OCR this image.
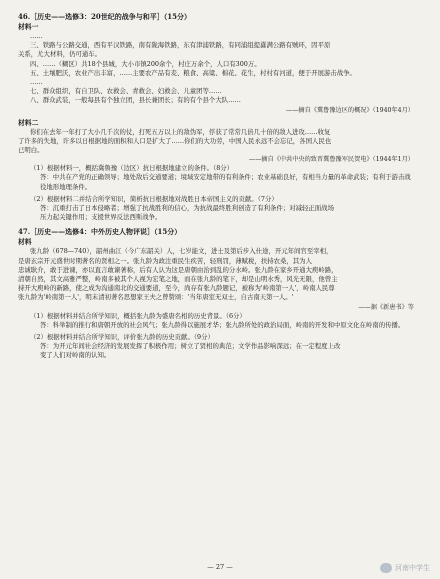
46.［历史——选修3：20世纪的战争与和平］（15分）
材料一
……
三、铁路与公路交通，西有平汉铁路，南有陇海铁路，东有津浦铁路，有同浦组提纛满公路有贼环，因平原
关系，尤大材料，仍可通车。
四、……（糊区）共18个县城，大小市镇200余个，村庄万余个，人口有300万。
五、土壤肥沃，农业产出丰富，……主要农产品有麦、粮食、高粱、棉花、花生，村村有河道，便于开展游击战争。
……
七、群众组织，有自卫队、农救会、青救会、妇救会、儿童团等……
八、群众武装，一般每县有个独立团，县长兼团长；有的有个县个大队……
——摘自《冀鲁豫边区的概况》（1940年4月）
材料二
你们在去年一年打了大小几千次的仗，打死五万以上的敌伪军，俘获了常常几倍几十倍的敌人进攻……收复
了许多的失地，许多以日根据地的面积和人口是扩大了……你们的大功劳，中国人民永远不会忘记，各国人民也
已明白。
——摘自《中共中央的致晋冀鲁豫军民贺电》（1944年1月）
（1）根据材料一，概括冀鲁豫（边区）抗日根据地建立的条件。（8分）
答：中共在产党的正确领导；地处敌后交通要道；境域安定地带的有利条件；农业基础良好，有相当力量的革命武装；有利于游击战
役地形地理条件。
（2）根据材料二并结合所学知识，简析抗日根据地对战胜日本帝国主义的贡献。（7分）
答：沉重打击了日本侵略者；增强了抗战胜利的信心，为抗战最终胜利创造了有利条件；对减轻正面战场
压力起关键作用；支援世界反法西斯战争。
47.［历史——选修4：中外历史人物评说］（15分）
材料
张九龄（678—740），韶州曲江（今广东韶关）人，七岁能文，进士及第后步入仕途，开元年间官至宰相，
是唐玄宗开元盛世时期著名的贤相之一。张九龄为政注重民生疾苦，轻刑罚，薄赋税，扶持农桑，其为人
忠诚耿介，敢于进谏，亦以直言敢谏著称，后有人认为这是唐朝由治到乱的分水岭。张九龄在家乡开通大庾岭路，
清朝自然，其文高雅严整，岭南多被其个人视为宏笔之地，而在张九龄的笔下，却是山明水秀，风光无限，他曾主
持开大庾岭的新路，使之成为沟通南北的交通要道，至今，尚存有张九龄题记，被称为'岭南第一人'，岭南人民尊
张九龄为'岭南第一人'，明末清初著名思想家王夫之曾赞颂：'当年唐室无双士，自古南天第一人。'
——据《新唐书》等
（1）根据材料并结合所学知识，概括张九龄为盛唐名相的历史背景。（6分）
答：科举制的推行和唐朝开放的社会风气；张九龄得以施展才华；张九龄所处的政治局面，岭南的开发和中原文化在岭南的传播。
（2）根据材料并结合所学知识，评价张九龄的历史贡献。（9分）
答：为开元年间社会经济的发展发挥了积极作用；树立了贤相的典范；文学作品影响深远；在一定程度上改
变了人们对岭南的认知。
— 27 —	河南中学生
